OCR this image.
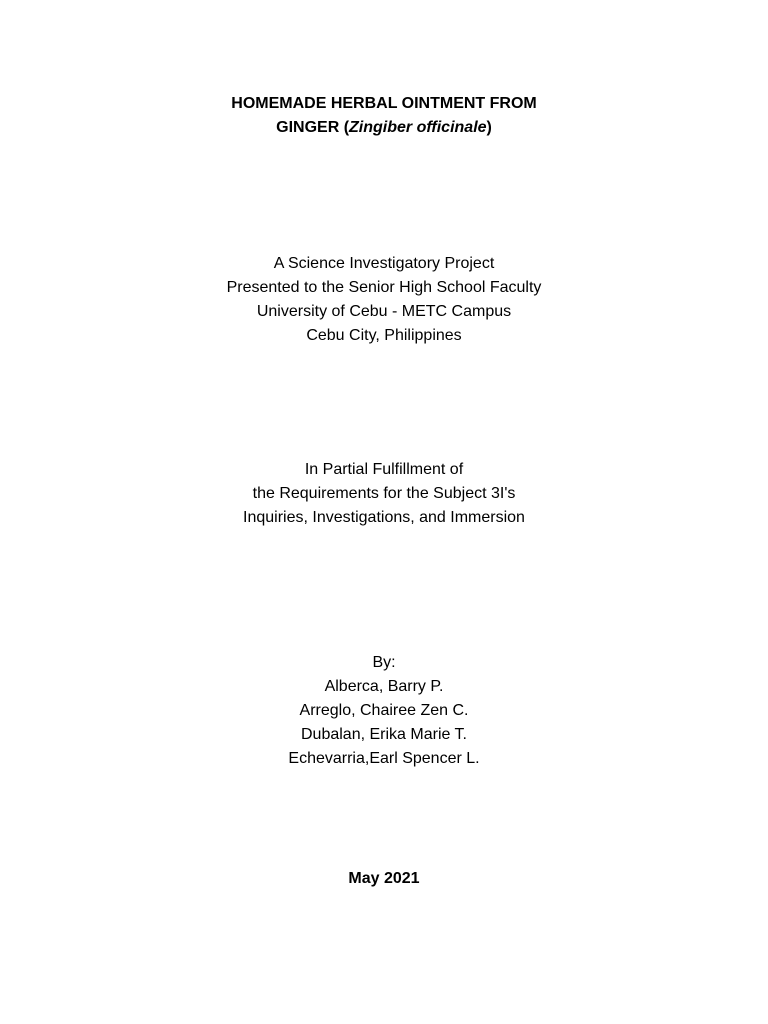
HOMEMADE HERBAL OINTMENT FROM
GINGER (Zingiber officinale)
A Science Investigatory Project
Presented to the Senior High School Faculty
University of Cebu - METC Campus
Cebu City, Philippines
In Partial Fulfillment of
the Requirements for the Subject 3I's
Inquiries, Investigations, and Immersion
By:
Alberca, Barry P.
Arreglo, Chairee Zen C.
Dubalan, Erika Marie T.
Echevarria,Earl Spencer L.
May 2021
